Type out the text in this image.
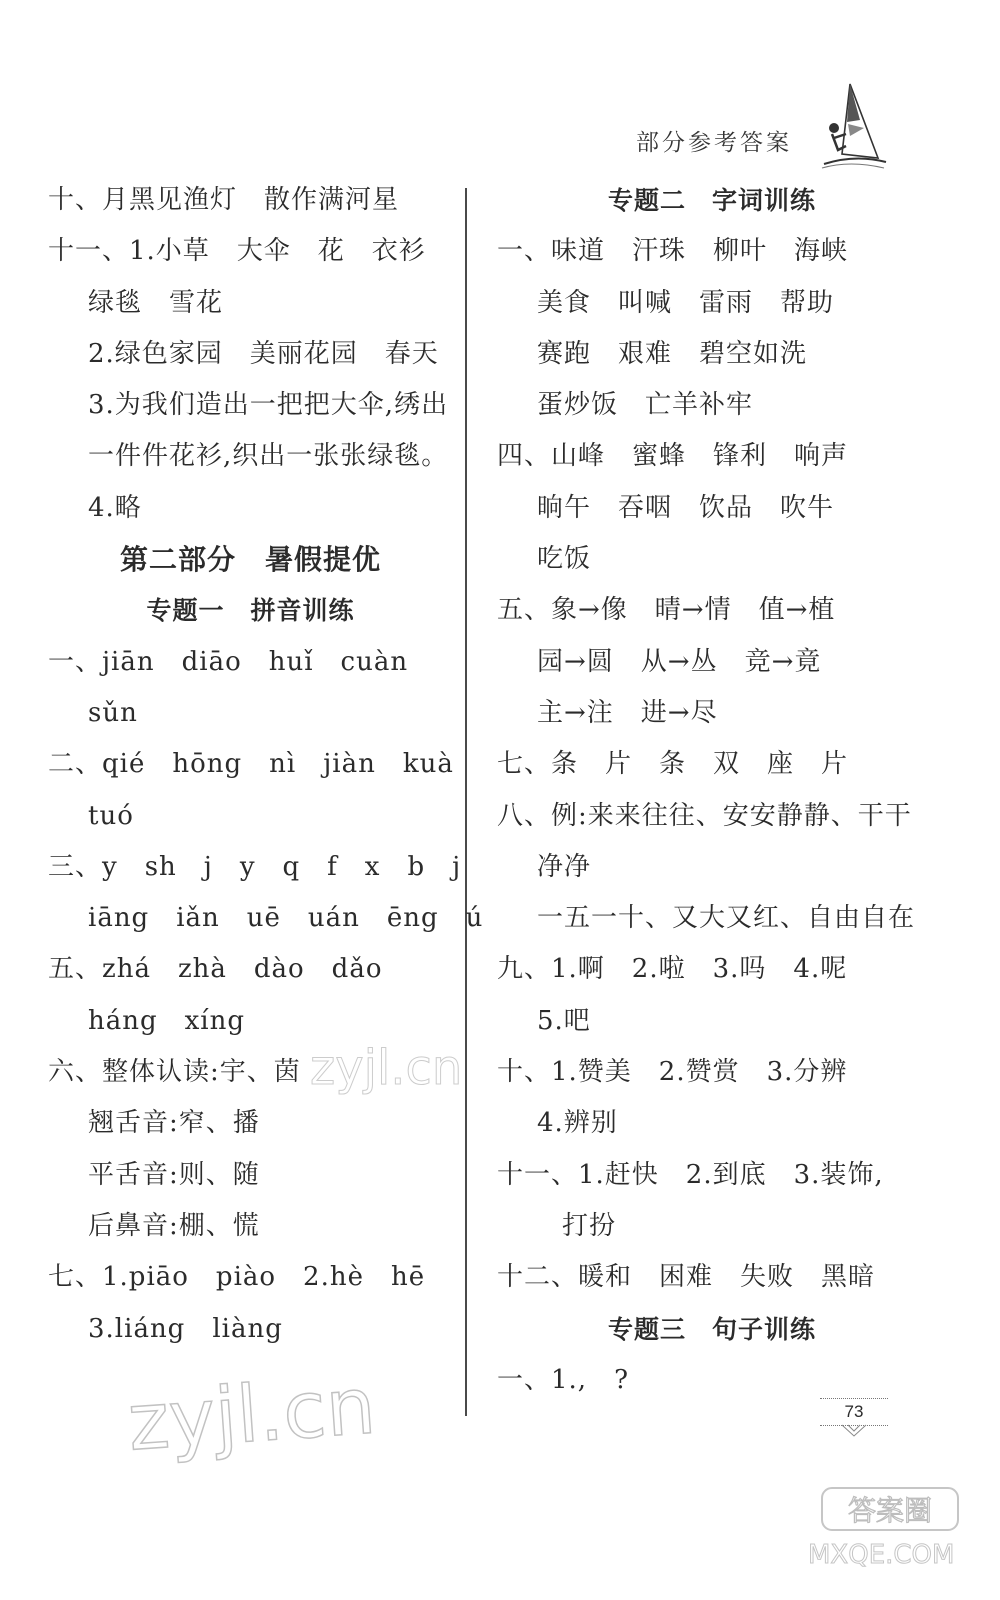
部分参考答案
十、月黑见渔灯　散作满河星
十一、1.小草　大伞　花　衣衫
绿毯　雪花
2.绿色家园　美丽花园　春天
3.为我们造出一把把大伞,绣出
一件件花衫,织出一张张绿毯。
4.略
第二部分　暑假提优
专题一　拼音训练
一、jiān　diāo　huǐ　cuàn
sǔn
二、qié　hōng　nì　jiàn　kuà
tuó
三、y　sh　j　y　q　f　x　b　j
iāng　iǎn　uē　uán　ēng　ú
五、zhá　zhà　dào　dǎo
háng　xíng
六、整体认读:宇、茵
翘舌音:窄、播
平舌音:则、随
后鼻音:棚、慌
七、1.piāo　piào　2.hè　hē
3.liáng　liàng
专题二　字词训练
一、味道　汗珠　柳叶　海峡
美食　叫喊　雷雨　帮助
赛跑　艰难　碧空如洗
蛋炒饭　亡羊补牢
四、山峰　蜜蜂　锋利　响声
晌午　吞咽　饮品　吹牛
吃饭
五、象→像　晴→情　值→植
园→圆　从→丛　竞→竟
主→注　进→尽
七、条　片　条　双　座　片
八、例:来来往往、安安静静、干干
净净
一五一十、又大又红、自由自在
九、1.啊　2.啦　3.吗　4.呢
5.吧
十、1.赞美　2.赞赏　3.分辨
4.辨别
十一、1.赶快　2.到底　3.装饰,
打扮
十二、暖和　困难　失败　黑暗
专题三　句子训练
一、1.,　?
73
zyjl.cn
zyjl.cn
答案圈
MXQE.COM
